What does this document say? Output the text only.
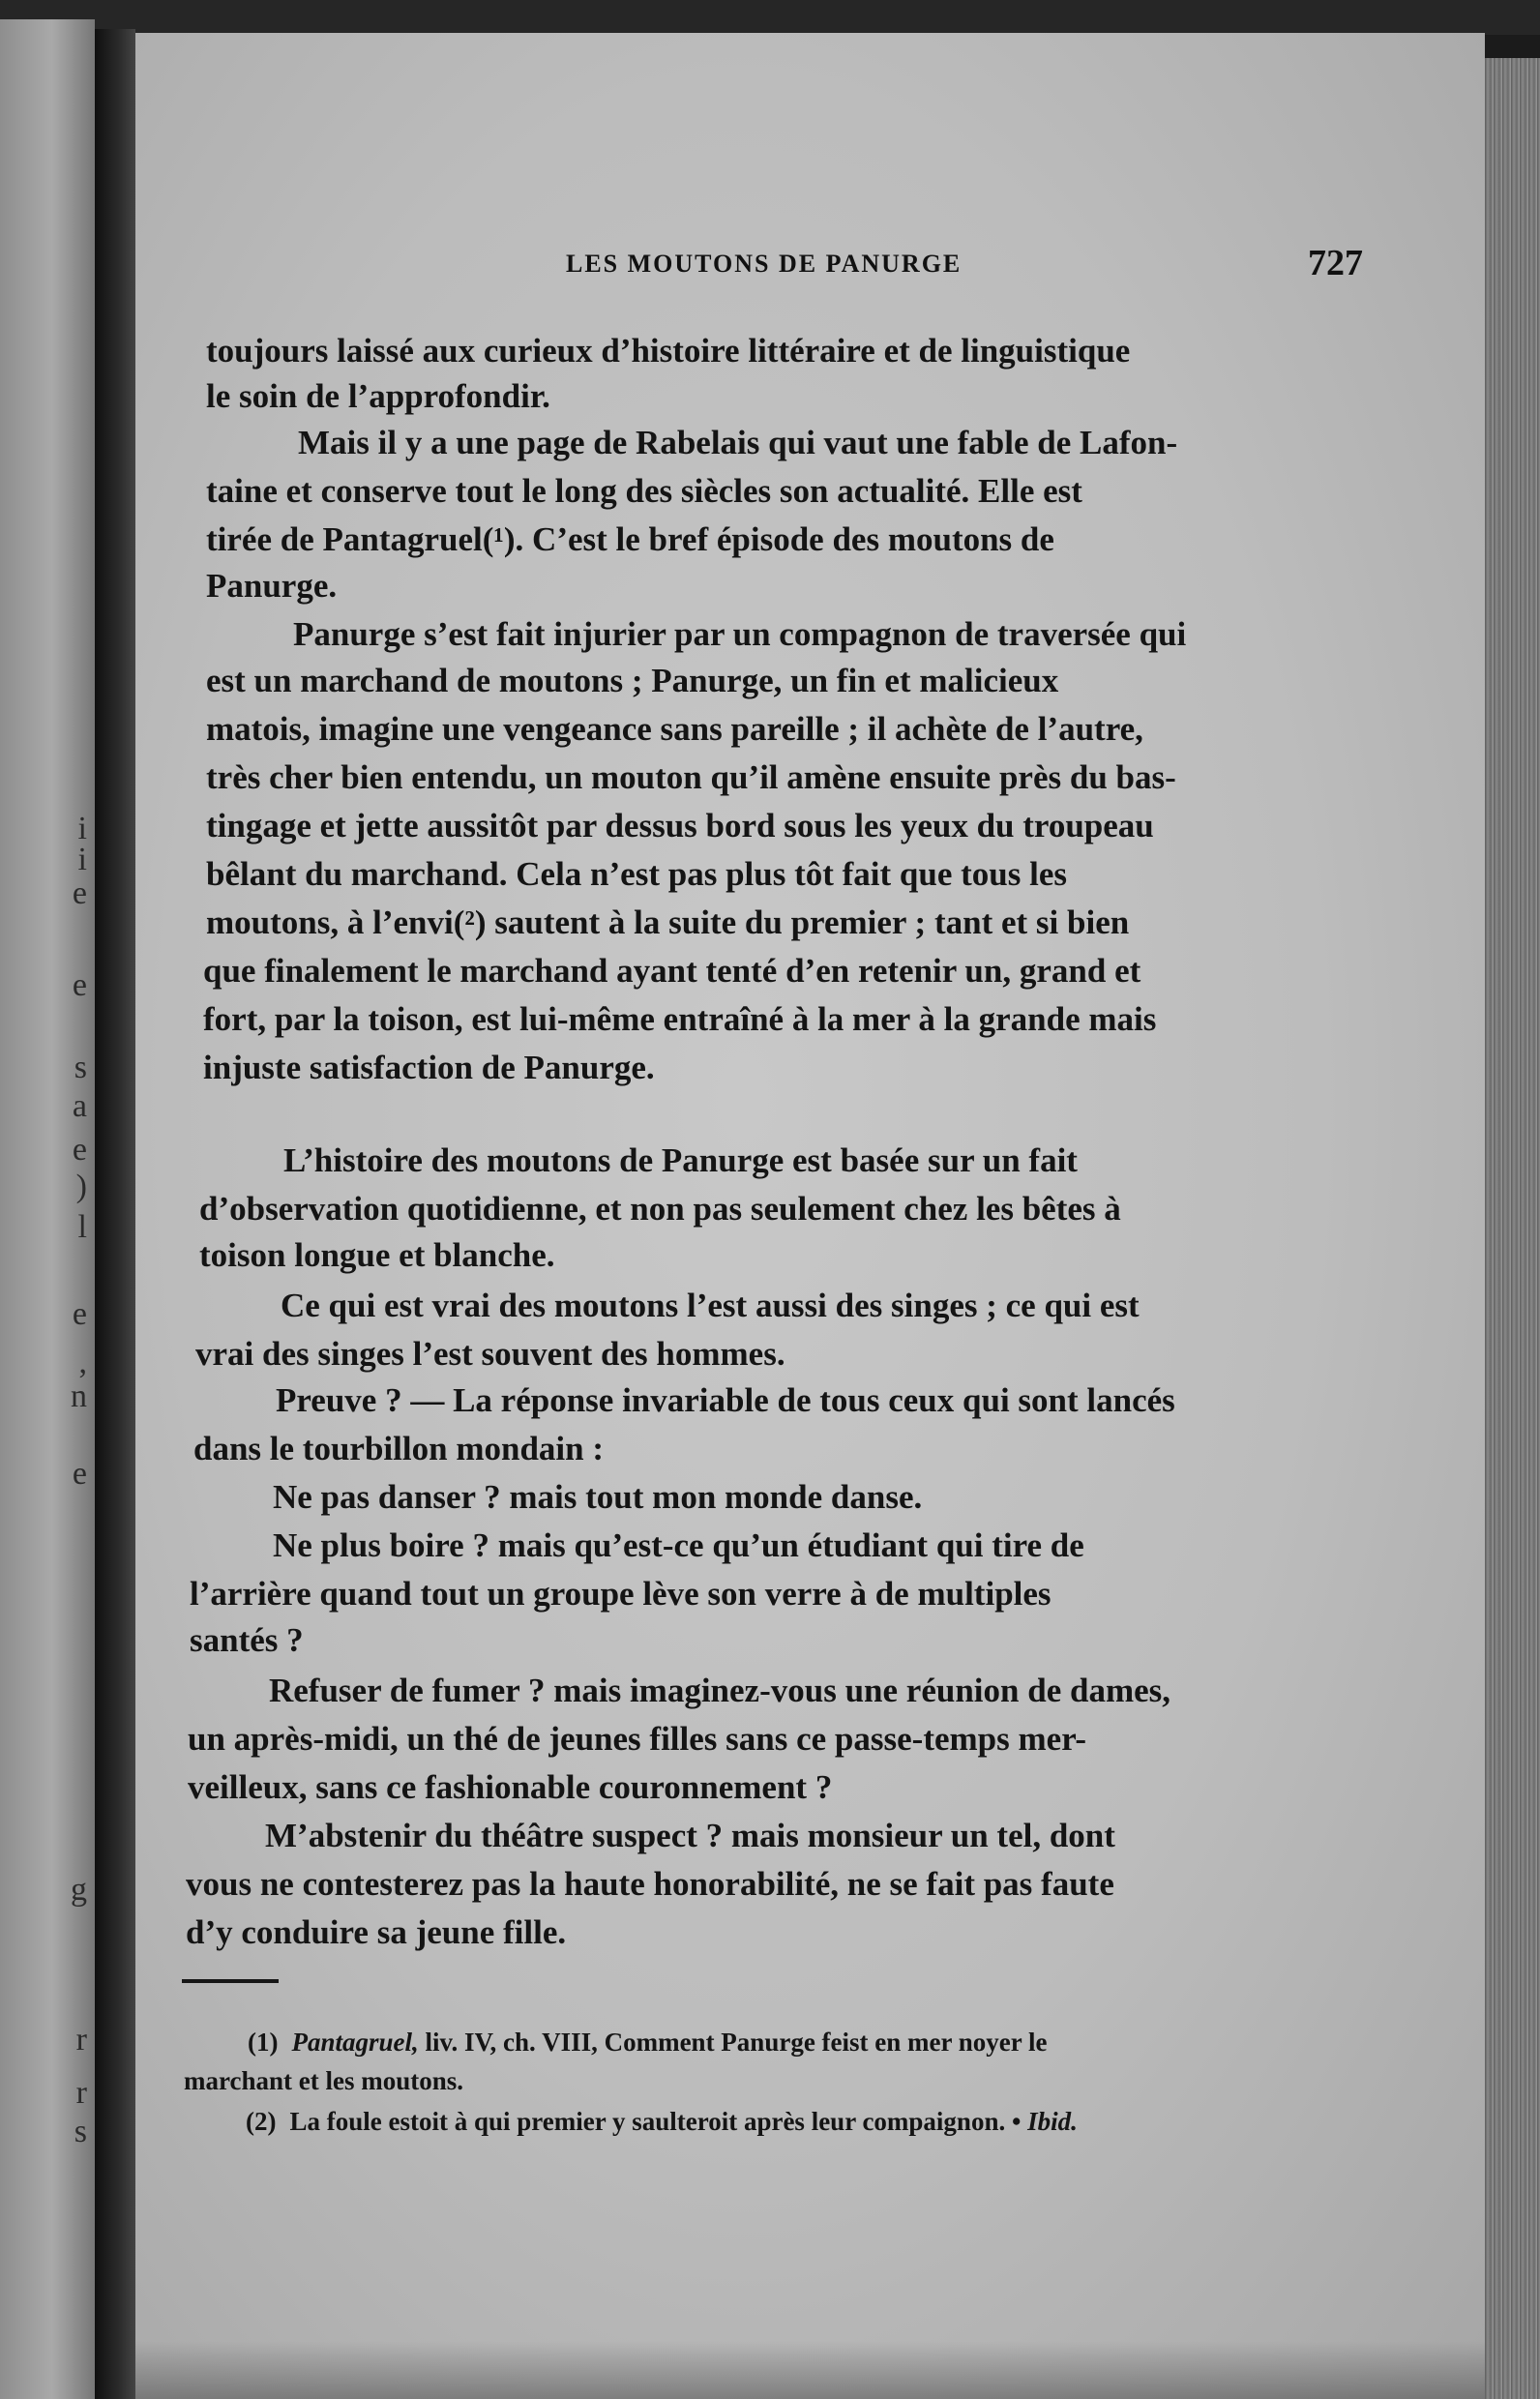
i
i
e
e
s
a
e
)
l
e
,
n
e
g
r
r
s
LES MOUTONS DE PANURGE	727
toujours laissé aux curieux d’histoire littéraire et de linguistique
le soin de l’approfondir.
Mais il y a une page de Rabelais qui vaut une fable de Lafon-
taine et conserve tout le long des siècles son actualité. Elle est
tirée de Pantagruel(¹). C’est le bref épisode des moutons de
Panurge.
Panurge s’est fait injurier par un compagnon de traversée qui
est un marchand de moutons ; Panurge, un fin et malicieux
matois, imagine une vengeance sans pareille ; il achète de l’autre,
très cher bien entendu, un mouton qu’il amène ensuite près du bas-
tingage et jette aussitôt par dessus bord sous les yeux du troupeau
bêlant du marchand. Cela n’est pas plus tôt fait que tous les
moutons, à l’envi(²) sautent à la suite du premier ; tant et si bien
que finalement le marchand ayant tenté d’en retenir un, grand et
fort, par la toison, est lui-même entraîné à la mer à la grande mais
injuste satisfaction de Panurge.
L’histoire des moutons de Panurge est basée sur un fait
d’observation quotidienne, et non pas seulement chez les bêtes à
toison longue et blanche.
Ce qui est vrai des moutons l’est aussi des singes ; ce qui est
vrai des singes l’est souvent des hommes.
Preuve ? — La réponse invariable de tous ceux qui sont lancés
dans le tourbillon mondain :
Ne pas danser ? mais tout mon monde danse.
Ne plus boire ? mais qu’est-ce qu’un étudiant qui tire de
l’arrière quand tout un groupe lève son verre à de multiples
santés ?
Refuser de fumer ? mais imaginez-vous une réunion de dames,
un après-midi, un thé de jeunes filles sans ce passe-temps mer-
veilleux, sans ce fashionable couronnement ?
M’abstenir du théâtre suspect ? mais monsieur un tel, dont
vous ne contesterez pas la haute honorabilité, ne se fait pas faute
d’y conduire sa jeune fille.
(1) Pantagruel, liv. IV, ch. VIII, Comment Panurge feist en mer noyer le
marchant et les moutons.
(2) La foule estoit à qui premier y saulteroit après leur compaignon. • Ibid.
